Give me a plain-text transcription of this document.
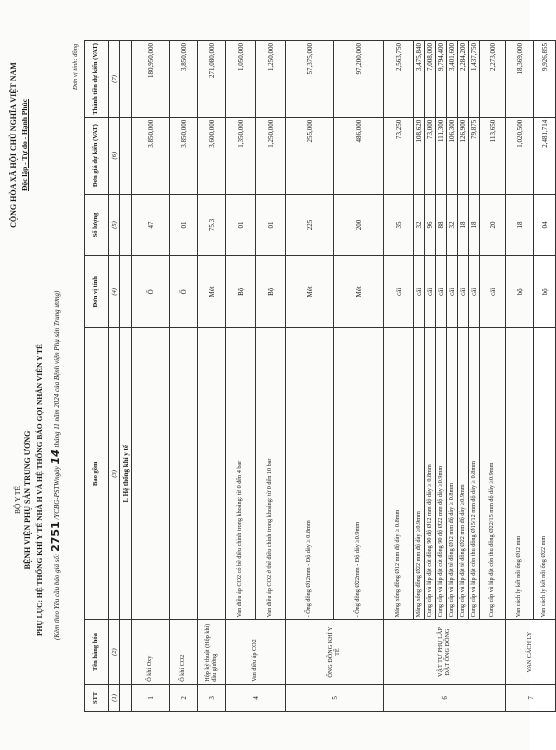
BỘ Y TẾ BỆNH VIỆN PHỤ SẢN TRUNG ƯƠNG PHỤ LỤC: HỆ THỐNG KHÍ Y TẾ NHÀ H VÀ HỆ THỐNG BÁO GỌI NHÂN VIÊN Y TẾ	(Kèm theo Yêu cầu báo giá số: 2751 /YCBG-PSTWngày 14 tháng 11 năm 2024 của Bệnh viện Phụ sản Trung ương)
CỘNG HÒA XÃ HỘI CHỦ NGHĨA VIỆT NAM Độc lập - Tự do - Hạnh Phúc
Đơn vị tính: đồng
STT	Tên hàng hóa	Bao gồm	Đơn vị tính	Số lượng	Đơn giá dự kiến (VAT)	Thành tiền dự kiến (VAT)
(1)	(2)	(3)	(4)	(5)	(6)	(7)
		I. Hệ thống khí y tế				
1	Ổ khí Oxy		Ổ	47	3.850,000	180,950,000
2	Ổ khí CO2		Ổ	01	3.850,000	3,850,000
3	Hộp kỹ thuật (Hộp khí) đầu giường		Mét	75.3	3,600,000	271,080,000
4	Van điều áp CO2	Van điều áp CO2 có bề điều chỉnh trong khoảng: từ 0 đến 4 bar	Bộ	01	1,350,000	1,050,000
		Van điều áp CO2 ở thể điều chỉnh trong khoảng: từ 0 đến 10 bar	Bộ	01	1,250,000	1,250,000
5	ỐNG ĐỒNG KHÍ Y TẾ	- Ống đồng Ø12mm - Độ dày ≥ 0.8mm	Mét	225	255,000	57,375,000
		- Ống đồng Ø22mm - Độ dày ≥0.9mm	Mét	200	486,000	97,200,000
6	VẬT TƯ PHỤ LẮP ĐẶT ỐNG ĐỒNG	Măng xông đồng Ø12 mm độ dày ≥ 0.8mm	cái	35	73,250	2,563,750
		Măng xông đồng Ø22 mm độ dày ≥0.9mm	cái	32	108,620	3,475,840
		Cung cấp và lắp đặt cút đồng 90 độ Ø12 mm độ dày ≥ 0.8mm	cái	96	73,000	7,008,000
		Cung cấp và lắp đặt cút đồng 90 độ Ø22 mm độ dày ≥0.9mm	cái	88	111,300	9,794,400
		Cung cấp và lắp đặt tê đồng Ø12 mm độ dày ≥ 0.8mm	cái	32	106,300	3,401,600
		Cung cấp và lắp đặt tê đồng Ø22 mm độ dày ≥0.9mm	cái	18	126,900	2,284,200
		Cung cấp và lắp đặt côn thu đồng Ø15/12 mm độ dày ≥ 0.8mm	cái	18	79,875	1,437,750
		Cung cấp và lắp đặt côn thu đồng Ø22/15 mm độ dày ≥0.9mm	cái	20	113,650	2,273,000
7	VAN CÁCH LY	Van cách ly kết nối ống Ø12 mm	bộ	18	1,020,500	18,369,000
		Van cách ly kết nối ống Ø22 mm	bộ	04	2,481,714	9,926,855
